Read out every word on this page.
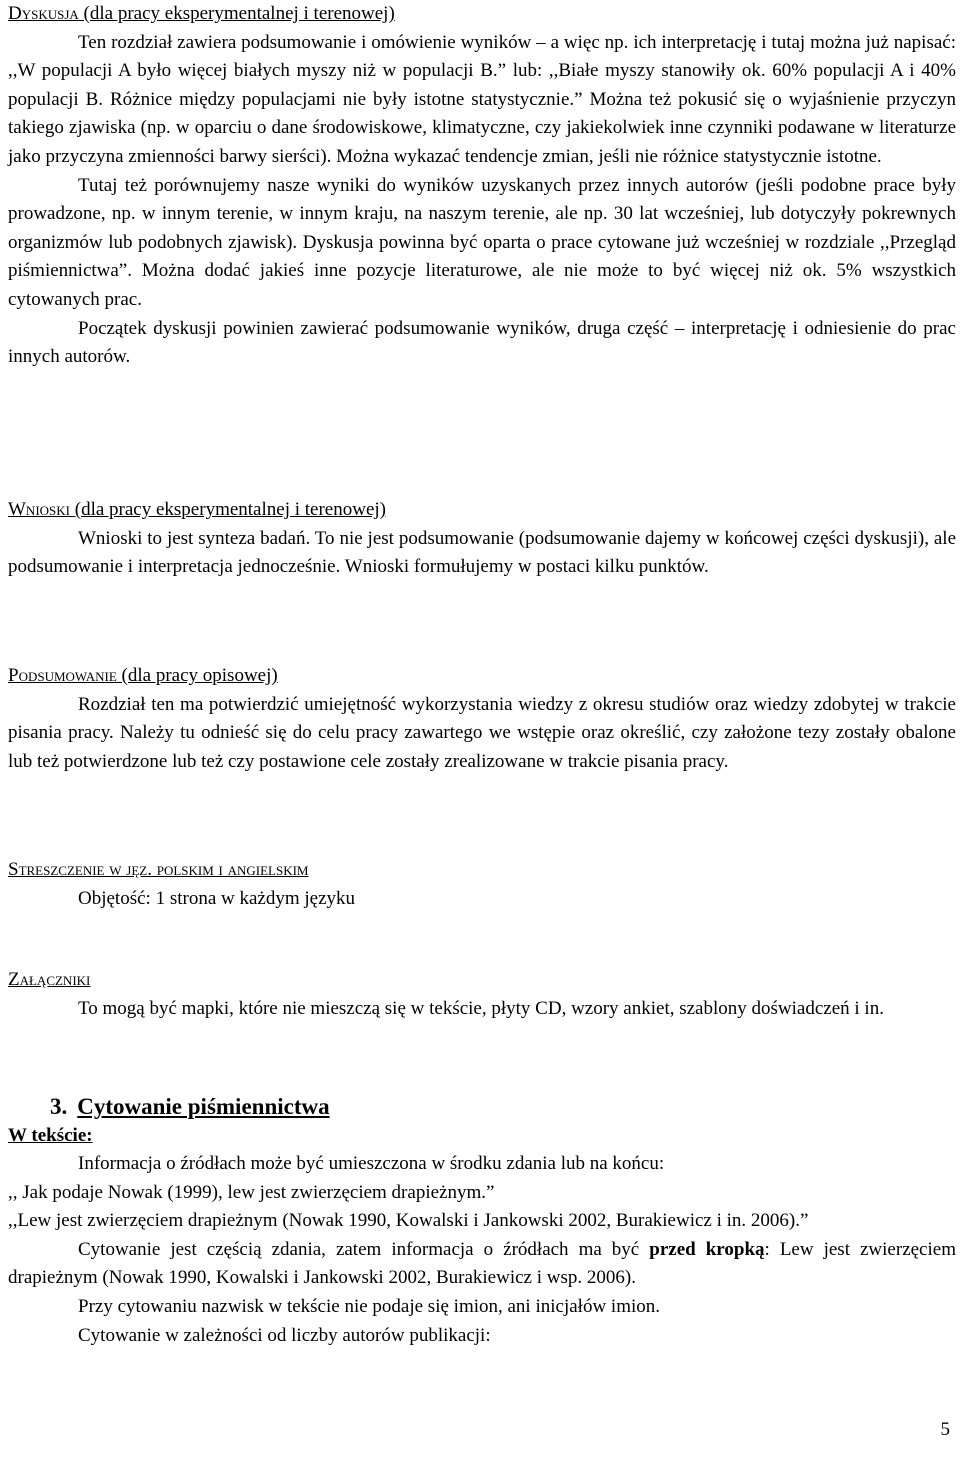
Dyskusja (dla pracy eksperymentalnej i terenowej)

Ten rozdział zawiera podsumowanie i omówienie wyników – a więc np. ich interpretację i tutaj można już napisać: ,,W populacji A było więcej białych myszy niż w populacji B.” lub: ,,Białe myszy stanowiły ok. 60% populacji A i 40% populacji B. Różnice między populacjami nie były istotne statystycznie.” Można też pokusić się o wyjaśnienie przyczyn takiego zjawiska (np. w oparciu o dane środowiskowe, klimatyczne, czy jakiekolwiek inne czynniki podawane w literaturze jako przyczyna zmienności barwy sierści). Można wykazać tendencje zmian, jeśli nie różnice statystycznie istotne.

Tutaj też porównujemy nasze wyniki do wyników uzyskanych przez innych autorów (jeśli podobne prace były prowadzone, np. w innym terenie, w innym kraju, na naszym terenie, ale np. 30 lat wcześniej, lub dotyczyły pokrewnych organizmów lub podobnych zjawisk). Dyskusja powinna być oparta o prace cytowane już wcześniej w rozdziale ,,Przegląd piśmiennictwa”. Można dodać jakieś inne pozycje literaturowe, ale nie może to być więcej niż ok. 5% wszystkich cytowanych prac.

Początek dyskusji powinien zawierać podsumowanie wyników, druga część – interpretację i odniesienie do prac innych autorów.

Wnioski (dla pracy eksperymentalnej i terenowej)

Wnioski to jest synteza badań. To nie jest podsumowanie (podsumowanie dajemy w końcowej części dyskusji), ale podsumowanie i interpretacja jednocześnie. Wnioski formułujemy w postaci kilku punktów.

Podsumowanie (dla pracy opisowej)

Rozdział ten ma potwierdzić umiejętność wykorzystania wiedzy z okresu studiów oraz wiedzy zdobytej w trakcie pisania pracy. Należy tu odnieść się do celu pracy zawartego we wstępie oraz określić, czy założone tezy zostały obalone lub też potwierdzone lub też czy postawione cele zostały zrealizowane w trakcie pisania pracy.

Streszczenie w jęz. polskim i angielskim

Objętość: 1 strona w każdym języku

Załączniki

To mogą być mapki, które nie mieszczą się w tekście, płyty CD, wzory ankiet, szablony doświadczeń i in.

3. Cytowanie piśmiennictwa

W tekście:

Informacja o źródłach może być umieszczona w środku zdania lub na końcu:

,, Jak podaje Nowak (1999), lew jest zwierzęciem drapieżnym.”

,,Lew jest zwierzęciem drapieżnym (Nowak 1990, Kowalski i Jankowski 2002, Burakiewicz i in. 2006).”

Cytowanie jest częścią zdania, zatem informacja o źródłach ma być przed kropką: Lew jest zwierzęciem drapieżnym (Nowak 1990, Kowalski i Jankowski 2002, Burakiewicz i wsp. 2006).

Przy cytowaniu nazwisk w tekście nie podaje się imion, ani inicjałów imion.

Cytowanie w zależności od liczby autorów publikacji:

5
